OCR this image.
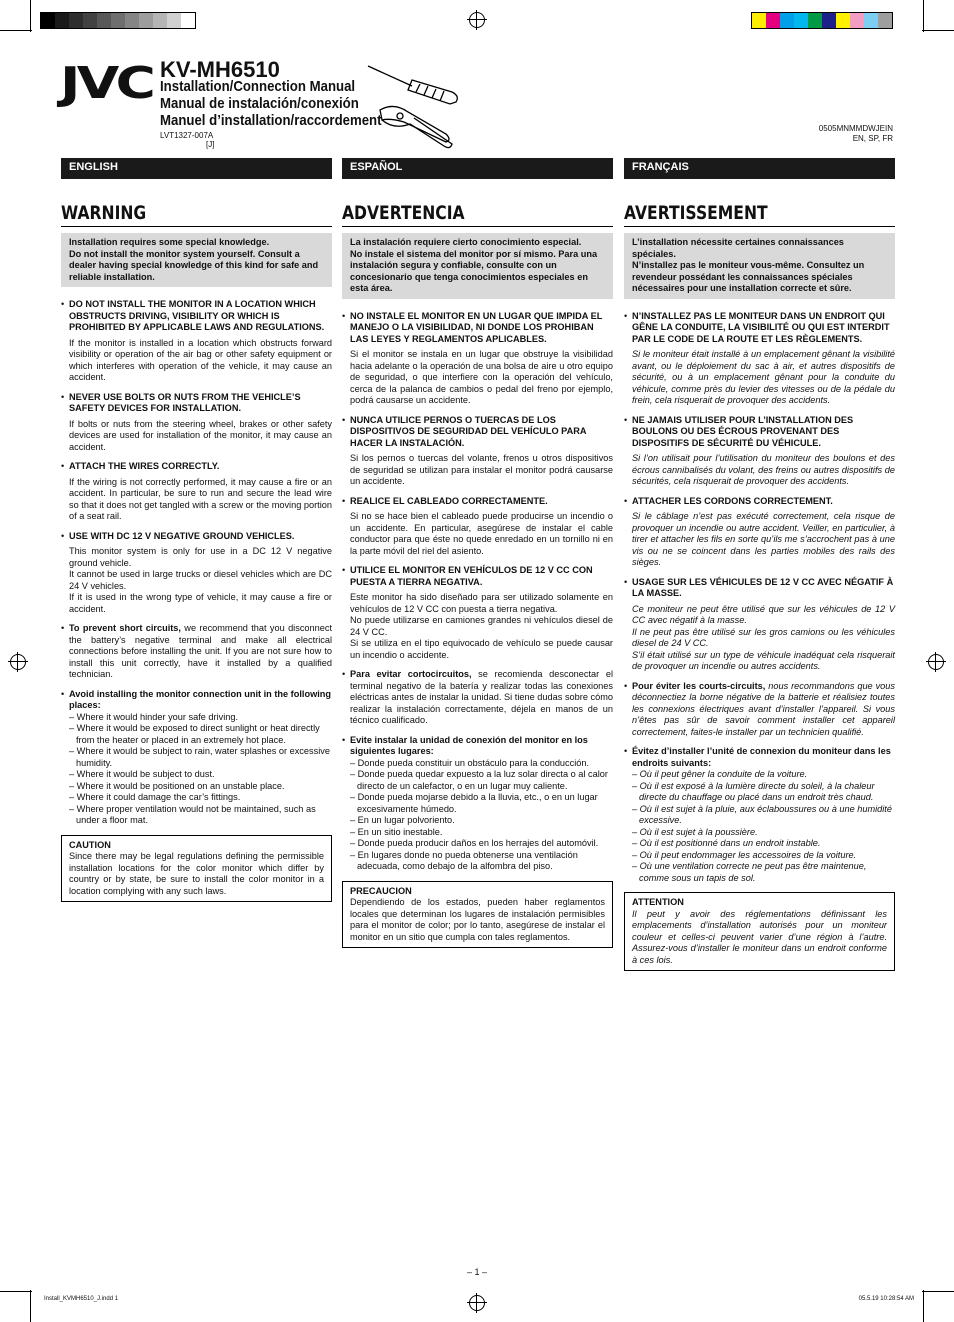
JVC KV-MH6510
Installation/Connection Manual
Manual de instalación/conexión
Manuel d’installation/raccordement
LVT1327-007A
[J]
0505MNMMDWJEIN
EN, SP, FR
ENGLISH
WARNING
Installation requires some special knowledge.
Do not install the monitor system yourself. Consult a dealer having special knowledge of this kind for safe and reliable installation.
• DO NOT INSTALL THE MONITOR IN A LOCATION WHICH OBSTRUCTS DRIVING, VISIBILITY OR WHICH IS PROHIBITED BY APPLICABLE LAWS AND REGULATIONS.
If the monitor is installed in a location which obstructs forward visibility or operation of the air bag or other safety equipment or which interferes with operation of the vehicle, it may cause an accident.
• NEVER USE BOLTS OR NUTS FROM THE VEHICLE’S SAFETY DEVICES FOR INSTALLATION.
If bolts or nuts from the steering wheel, brakes or other safety devices are used for installation of the monitor, it may cause an accident.
• ATTACH THE WIRES CORRECTLY.
If the wiring is not correctly performed, it may cause a fire or an accident. In particular, be sure to run and secure the lead wire so that it does not get tangled with a screw or the moving portion of a seat rail.
• USE WITH DC 12 V NEGATIVE GROUND VEHICLES.
This monitor system is only for use in a DC 12 V negative ground vehicle.
It cannot be used in large trucks or diesel vehicles which are DC 24 V vehicles.
If it is used in the wrong type of vehicle, it may cause a fire or accident.
• To prevent short circuits, we recommend that you disconnect the battery’s negative terminal and make all electrical connections before installing the unit. If you are not sure how to install this unit correctly, have it installed by a qualified technician.
• Avoid installing the monitor connection unit in the following places:
– Where it would hinder your safe driving.
– Where it would be exposed to direct sunlight or heat directly from the heater or placed in an extremely hot place.
– Where it would be subject to rain, water splashes or excessive humidity.
– Where it would be subject to dust.
– Where it would be positioned on an unstable place.
– Where it could damage the car’s fittings.
– Where proper ventilation would not be maintained, such as under a floor mat.
CAUTION
Since there may be legal regulations defining the permissible installation locations for the color monitor which differ by country or by state, be sure to install the color monitor in a location complying with any such laws.
ESPAÑOL
ADVERTENCIA
La instalación requiere cierto conocimiento especial.
No instale el sistema del monitor por sí mismo. Para una instalación segura y confiable, consulte con un concesionario que tenga conocimientos especiales en esta área.
• NO INSTALE EL MONITOR EN UN LUGAR QUE IMPIDA EL MANEJO O LA VISIBILIDAD, NI DONDE LOS PROHIBAN LAS LEYES Y REGLAMENTOS APLICABLES.
Si el monitor se instala en un lugar que obstruye la visibilidad hacia adelante o la operación de una bolsa de aire u otro equipo de seguridad, o que interfiere con la operación del vehículo, cerca de la palanca de cambios o pedal del freno por ejemplo, podrá causarse un accidente.
• NUNCA UTILICE PERNOS O TUERCAS DE LOS DISPOSITIVOS DE SEGURIDAD DEL VEHÍCULO PARA HACER LA INSTALACIÓN.
Si los pernos o tuercas del volante, frenos u otros dispositivos de seguridad se utilizan para instalar el monitor podrá causarse un accidente.
• REALICE EL CABLEADO CORRECTAMENTE.
Si no se hace bien el cableado puede producirse un incendio o un accidente. En particular, asegúrese de instalar el cable conductor para que éste no quede enredado en un tornillo ni en la parte móvil del riel del asiento.
• UTILICE EL MONITOR EN VEHÍCULOS DE 12 V CC CON PUESTA A TIERRA NEGATIVA.
Este monitor ha sido diseñado para ser utilizado solamente en vehículos de 12 V CC con puesta a tierra negativa.
No puede utilizarse en camiones grandes ni vehículos diesel de 24 V CC.
Si se utiliza en el tipo equivocado de vehículo se puede causar un incendio o accidente.
• Para evitar cortocircuitos, se recomienda desconectar el terminal negativo de la batería y realizar todas las conexiones eléctricas antes de instalar la unidad. Si tiene dudas sobre cómo realizar la instalación correctamente, déjela en manos de un técnico cualificado.
• Evite instalar la unidad de conexión del monitor en los siguientes lugares:
– Donde pueda constituir un obstáculo para la conducción.
– Donde pueda quedar expuesto a la luz solar directa o al calor directo de un calefactor, o en un lugar muy caliente.
– Donde pueda mojarse debido a la lluvia, etc., o en un lugar excesivamente húmedo.
– En un lugar polvoriento.
– En un sitio inestable.
– Donde pueda producir daños en los herrajes del automóvil.
– En lugares donde no pueda obtenerse una ventilación adecuada, como debajo de la alfombra del piso.
PRECAUCION
Dependiendo de los estados, pueden haber reglamentos locales que determinan los lugares de instalación permisibles para el monitor de color; por lo tanto, asegúrese de instalar el monitor en un sitio que cumpla con tales reglamentos.
FRANÇAIS
AVERTISSEMENT
L’installation nécessite certaines connaissances spéciales.
N’installez pas le moniteur vous-même. Consultez un revendeur possédant les connaissances spéciales nécessaires pour une installation correcte et sûre.
• N’INSTALLEZ PAS LE MONITEUR DANS UN ENDROIT QUI GÊNE LA CONDUITE, LA VISIBILITÉ OU QUI EST INTERDIT PAR LE CODE DE LA ROUTE ET LES RÈGLEMENTS.
Si le moniteur était installé à un emplacement gênant la visibilité avant, ou le déploiement du sac à air, et autres dispositifs de sécurité, ou à un emplacement gênant pour la conduite du véhicule, comme près du levier des vitesses ou de la pédale du frein, cela risquerait de provoquer des accidents.
• NE JAMAIS UTILISER POUR L’INSTALLATION DES BOULONS OU DES ÉCROUS PROVENANT DES DISPOSITIFS DE SÉCURITÉ DU VÉHICULE.
Si l’on utilisait pour l’utilisation du moniteur des boulons et des écrous cannibalisés du volant, des freins ou autres dispositifs de sécurités, cela risquerait de provoquer des accidents.
• ATTACHER LES CORDONS CORRECTEMENT.
Si le câblage n’est pas exécuté correctement, cela risque de provoquer un incendie ou autre accident. Veiller, en particulier, à tirer et attacher les fils en sorte qu’ils me s’accrochent pas à une vis ou ne se coincent dans les parties mobiles des rails des sièges.
• USAGE SUR LES VÉHICULES DE 12 V CC AVEC NÉGATIF À LA MASSE.
Ce moniteur ne peut être utilisé que sur les véhicules de 12 V CC avec négatif à la masse.
Il ne peut pas être utilisé sur les gros camions ou les véhicules diesel de 24 V CC.
S’il était utilisé sur un type de véhicule inadéquat cela risquerait de provoquer un incendie ou autres accidents.
• Pour éviter les courts-circuits, nous recommandons que vous déconnectiez la borne négative de la batterie et réalisiez toutes les connexions électriques avant d’installer l’appareil. Si vous n’êtes pas sûr de savoir comment installer cet appareil correctement, faites-le installer par un technicien qualifié.
• Évitez d’installer l’unité de connexion du moniteur dans les endroits suivants:
– Où il peut gêner la conduite de la voiture.
– Où il est exposé à la lumière directe du soleil, à la chaleur directe du chauffage ou placé dans un endroit très chaud.
– Où il est sujet à la pluie, aux éclaboussures ou à une humidité excessive.
– Où il est sujet à la poussière.
– Où il est positionné dans un endroit instable.
– Où il peut endommager les accessoires de la voiture.
– Où une ventilation correcte ne peut pas être maintenue, comme sous un tapis de sol.
ATTENTION
Il peut y avoir des réglementations définissant les emplacements d’installation autorisés pour un moniteur couleur et celles-ci peuvent varier d’une région à l’autre. Assurez-vous d’installer le moniteur dans un endroit conforme à ces lois.
– 1 –
Install_KVMH6510_J.indd 1	05.5.19 10:28:54 AM
